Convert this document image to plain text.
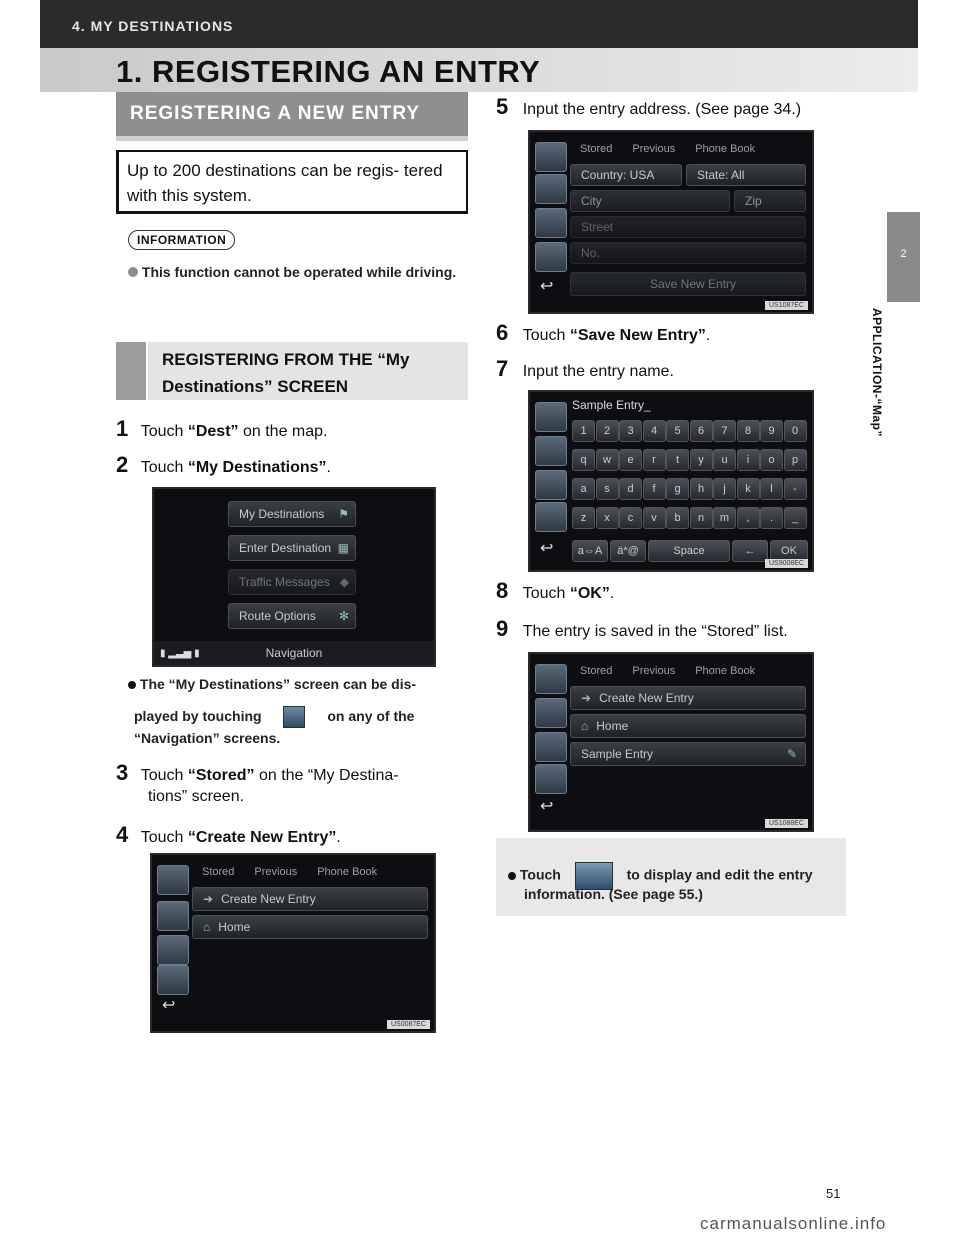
4. MY DESTINATIONS
1. REGISTERING AN ENTRY
2
APPLICATION-“Map”
REGISTERING A NEW ENTRY
Up to 200 destinations can be regis- tered with this system.
INFORMATION
This function cannot be operated while driving.
REGISTERING FROM THE “My Destinations” SCREEN
1 Touch “Dest” on the map.
2 Touch “My Destinations”.
My Destinations ⚑
Enter Destination ▦
Traffic Messages ◆
Route Options ✻
▮ ▂▃▅ ▮	Navigation
The “My Destinations” screen can be dis-
played by touching	on any of the
“Navigation” screens.
3 Touch “Stored” on the “My Destina-
tions” screen.
4 Touch “Create New Entry”.
↩
Stored Previous Phone Book
➜ Create New Entry
⌂ Home
US0087EC
5 Input the entry address. (See page 34.)
↩
Stored Previous Phone Book
Country: USA	State: All
City	Zip
Street
No.
Save New Entry
US1087EC
6 Touch “Save New Entry”.
7 Input the entry name.
↩
Sample Entry_
1	2	3	4	5	6	7	8	9	0
q	w	e	r	t	y	u	i	o	p
a	s	d	f	g	h	j	k	l	-
z	x	c	v	b	n	m	,	.	_
a⇔A	ä*@	Space	←	OK
US9008EC
8 Touch “OK”.
9 The entry is saved in the “Stored” list.
↩
Stored Previous Phone Book
➜ Create New Entry
⌂ Home
Sample Entry	✎
US1088EC
Touch	to display and edit the entry
information. (See page 55.)
51
carmanualsonline.info
